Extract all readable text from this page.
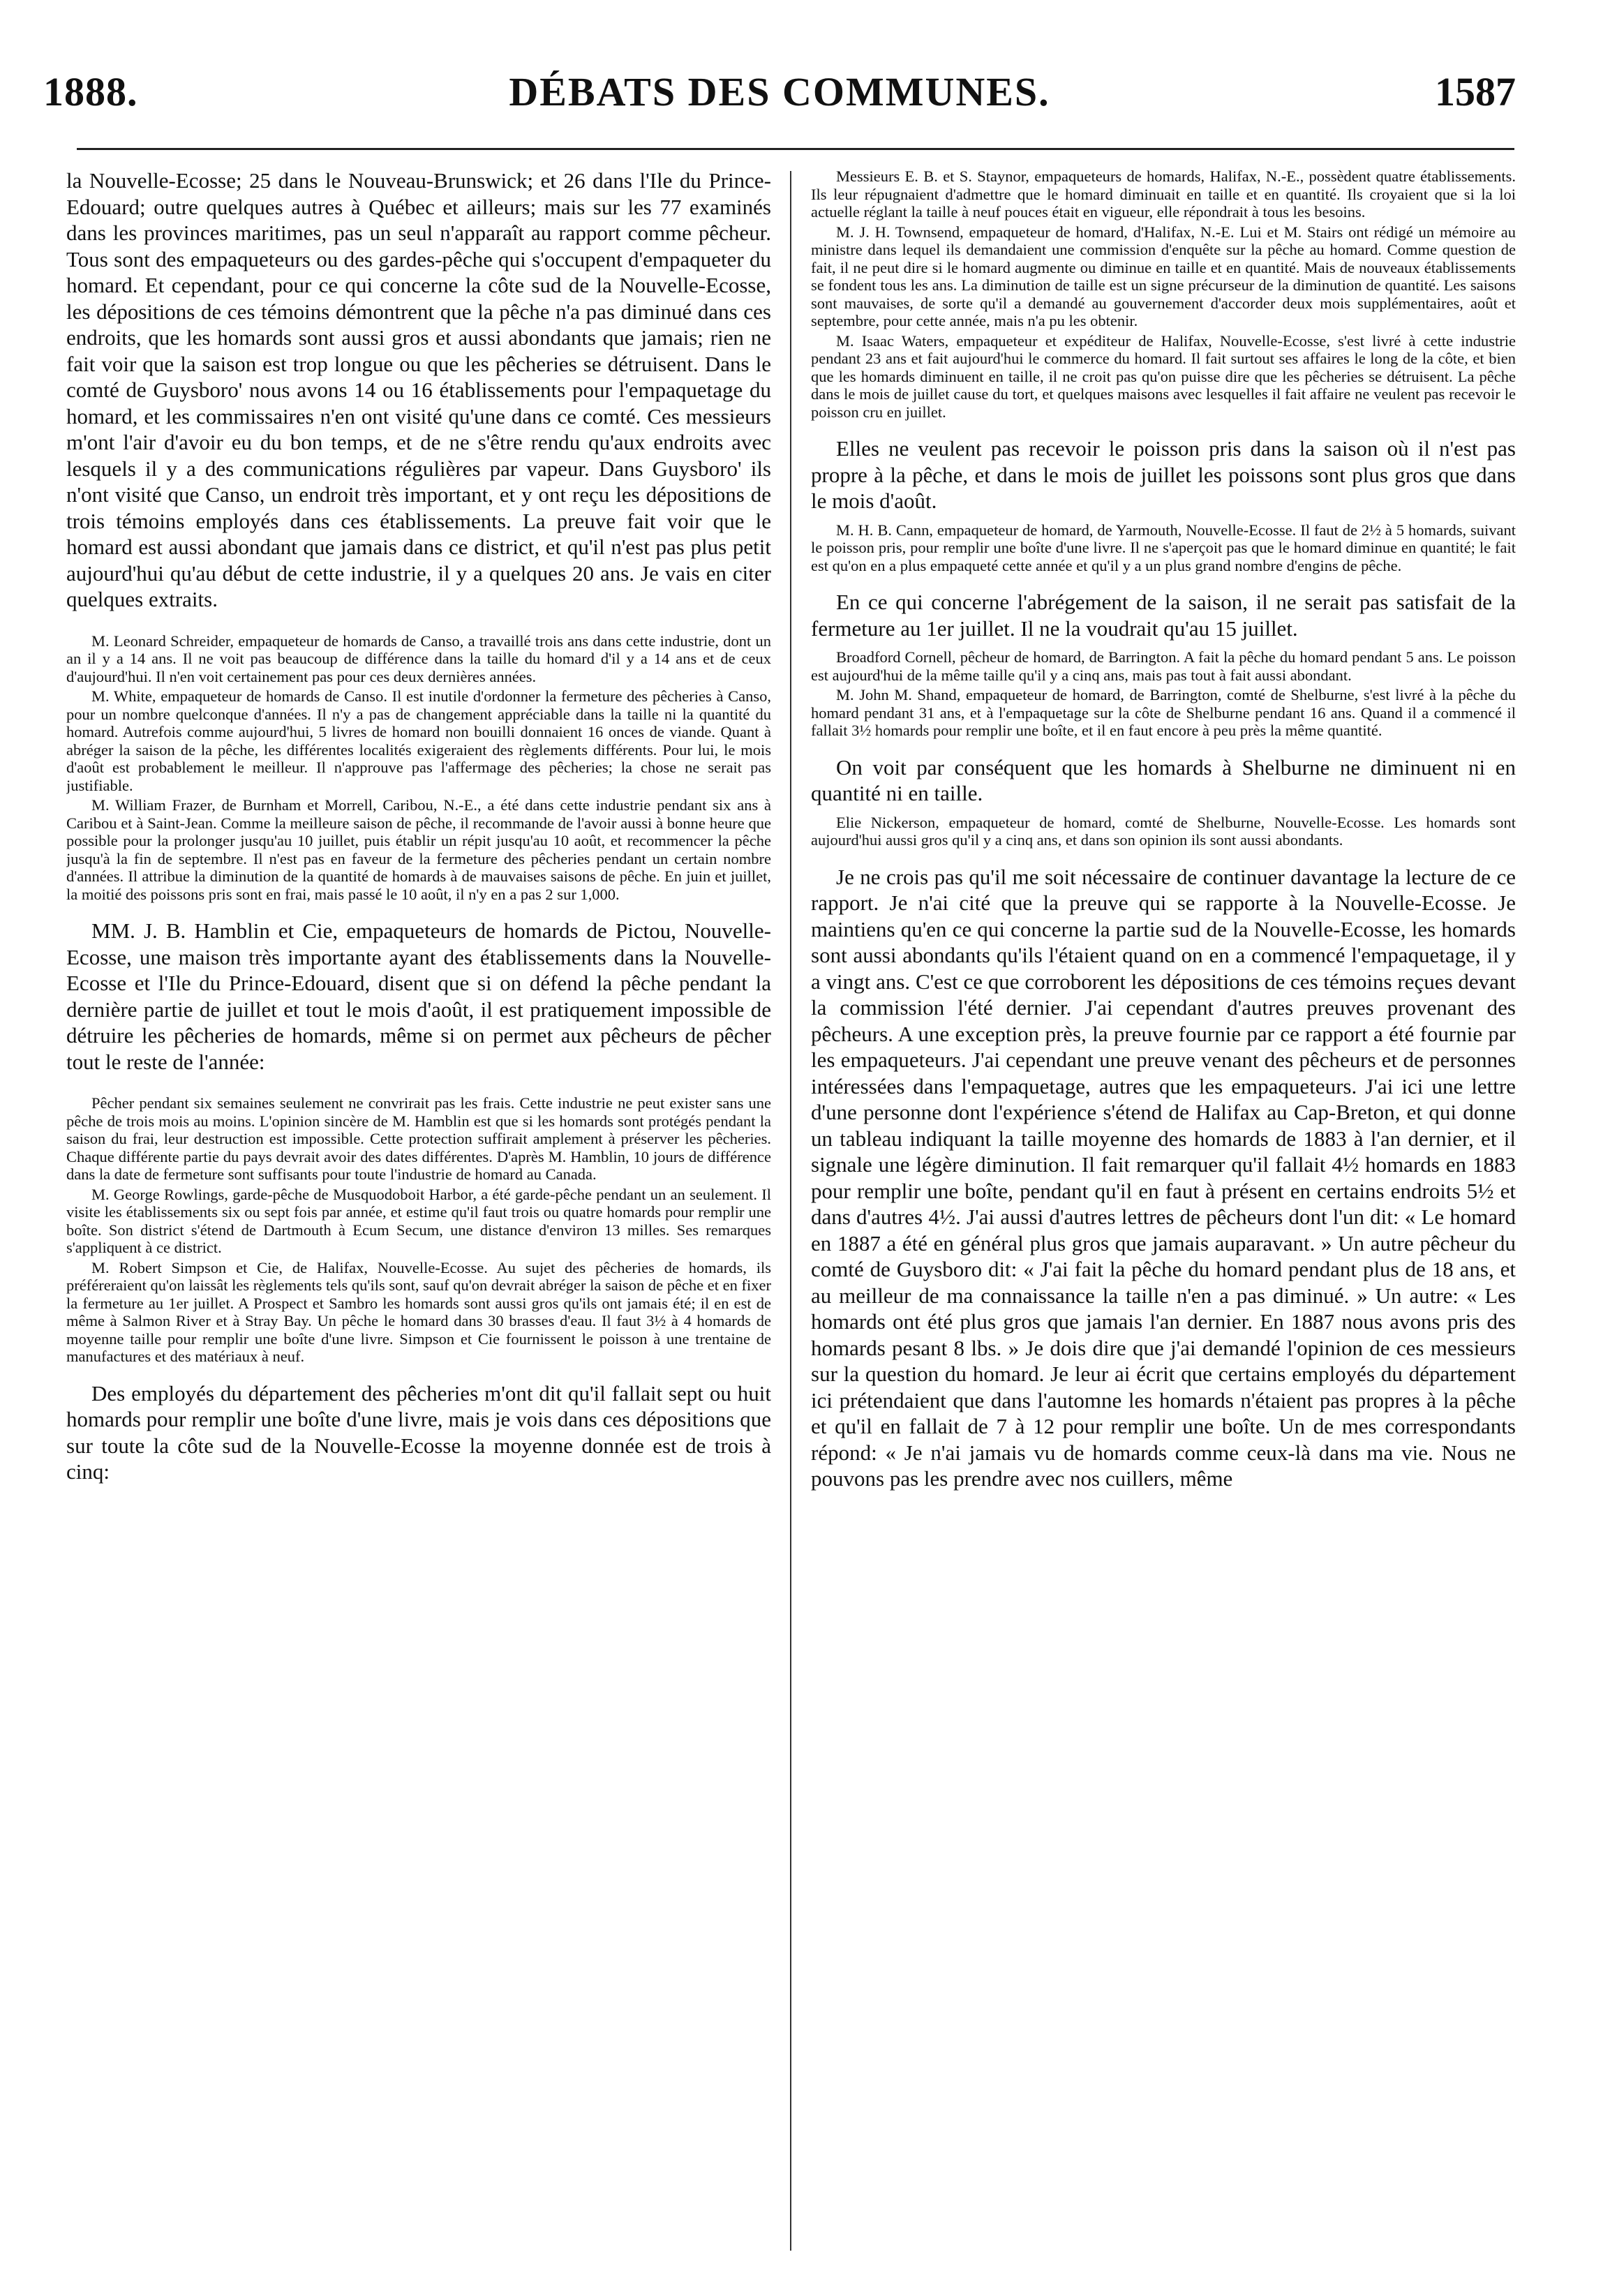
1888.	DÉBATS DES COMMUNES.	1587

la Nouvelle-Ecosse; 25 dans le Nouveau-Brunswick; et 26 dans l'Ile du Prince-Edouard; outre quelques autres à Québec et ailleurs; mais sur les 77 examinés dans les provinces maritimes, pas un seul n'apparaît au rapport comme pêcheur. Tous sont des empaqueteurs ou des gardes-pêche qui s'occupent d'empaqueter du homard. Et cependant, pour ce qui concerne la côte sud de la Nouvelle-Ecosse, les dépositions de ces témoins démontrent que la pêche n'a pas diminué dans ces endroits, que les homards sont aussi gros et aussi abondants que jamais; rien ne fait voir que la saison est trop longue ou que les pêcheries se détruisent. Dans le comté de Guysboro' nous avons 14 ou 16 établissements pour l'empaquetage du homard, et les commissaires n'en ont visité qu'une dans ce comté. Ces messieurs m'ont l'air d'avoir eu du bon temps, et de ne s'être rendu qu'aux endroits avec lesquels il y a des communications régulières par vapeur. Dans Guysboro' ils n'ont visité que Canso, un endroit très important, et y ont reçu les dépositions de trois témoins employés dans ces établissements. La preuve fait voir que le homard est aussi abondant que jamais dans ce district, et qu'il n'est pas plus petit aujourd'hui qu'au début de cette industrie, il y a quelques 20 ans. Je vais en citer quelques extraits.

M. Leonard Schreider, empaqueteur de homards de Canso, a travaillé trois ans dans cette industrie, dont un an il y a 14 ans. Il ne voit pas beaucoup de différence dans la taille du homard d'il y a 14 ans et de ceux d'aujourd'hui. Il n'en voit certainement pas pour ces deux dernières années.

M. White, empaqueteur de homards de Canso. Il est inutile d'ordonner la fermeture des pêcheries à Canso, pour un nombre quelconque d'années. Il n'y a pas de changement appréciable dans la taille ni la quantité du homard. Autrefois comme aujourd'hui, 5 livres de homard non bouilli donnaient 16 onces de viande. Quant à abréger la saison de la pêche, les différentes localités exigeraient des règlements différents. Pour lui, le mois d'août est probablement le meilleur. Il n'approuve pas l'affermage des pêcheries; la chose ne serait pas justifiable.

M. William Frazer, de Burnham et Morrell, Caribou, N.-E., a été dans cette industrie pendant six ans à Caribou et à Saint-Jean. Comme la meilleure saison de pêche, il recommande de l'avoir aussi à bonne heure que possible pour la prolonger jusqu'au 10 juillet, puis établir un répit jusqu'au 10 août, et recommencer la pêche jusqu'à la fin de septembre. Il n'est pas en faveur de la fermeture des pêcheries pendant un certain nombre d'années. Il attribue la diminution de la quantité de homards à de mauvaises saisons de pêche. En juin et juillet, la moitié des poissons pris sont en frai, mais passé le 10 août, il n'y en a pas 2 sur 1,000.

MM. J. B. Hamblin et Cie, empaqueteurs de homards de Pictou, Nouvelle-Ecosse, une maison très importante ayant des établissements dans la Nouvelle-Ecosse et l'Ile du Prince-Edouard, disent que si on défend la pêche pendant la dernière partie de juillet et tout le mois d'août, il est pratiquement impossible de détruire les pêcheries de homards, même si on permet aux pêcheurs de pêcher tout le reste de l'année:

Pêcher pendant six semaines seulement ne convrirait pas les frais. Cette industrie ne peut exister sans une pêche de trois mois au moins. L'opinion sincère de M. Hamblin est que si les homards sont protégés pendant la saison du frai, leur destruction est impossible. Cette protection suffirait amplement à préserver les pêcheries. Chaque différente partie du pays devrait avoir des dates différentes. D'après M. Hamblin, 10 jours de différence dans la date de fermeture sont suffisants pour toute l'industrie de homard au Canada.

M. George Rowlings, garde-pêche de Musquodoboit Harbor, a été garde-pêche pendant un an seulement. Il visite les établissements six ou sept fois par année, et estime qu'il faut trois ou quatre homards pour remplir une boîte. Son district s'étend de Dartmouth à Ecum Secum, une distance d'environ 13 milles. Ses remarques s'appliquent à ce district.

M. Robert Simpson et Cie, de Halifax, Nouvelle-Ecosse. Au sujet des pêcheries de homards, ils préféreraient qu'on laissât les règlements tels qu'ils sont, sauf qu'on devrait abréger la saison de pêche et en fixer la fermeture au 1er juillet. A Prospect et Sambro les homards sont aussi gros qu'ils ont jamais été; il en est de même à Salmon River et à Stray Bay. Un pêche le homard dans 30 brasses d'eau. Il faut 3½ à 4 homards de moyenne taille pour remplir une boîte d'une livre. Simpson et Cie fournissent le poisson à une trentaine de manufactures et des matériaux à neuf.

Des employés du département des pêcheries m'ont dit qu'il fallait sept ou huit homards pour remplir une boîte d'une livre, mais je vois dans ces dépositions que sur toute la côte sud de la Nouvelle-Ecosse la moyenne donnée est de trois à cinq:

Messieurs E. B. et S. Staynor, empaqueteurs de homards, Halifax, N.-E., possèdent quatre établissements. Ils leur répugnaient d'admettre que le homard diminuait en taille et en quantité. Ils croyaient que si la loi actuelle réglant la taille à neuf pouces était en vigueur, elle répondrait à tous les besoins.

M. J. H. Townsend, empaqueteur de homard, d'Halifax, N.-E. Lui et M. Stairs ont rédigé un mémoire au ministre dans lequel ils demandaient une commission d'enquête sur la pêche au homard. Comme question de fait, il ne peut dire si le homard augmente ou diminue en taille et en quantité. Mais de nouveaux établissements se fondent tous les ans. La diminution de taille est un signe précurseur de la diminution de quantité. Les saisons sont mauvaises, de sorte qu'il a demandé au gouvernement d'accorder deux mois supplémentaires, août et septembre, pour cette année, mais n'a pu les obtenir.

M. Isaac Waters, empaqueteur et expéditeur de Halifax, Nouvelle-Ecosse, s'est livré à cette industrie pendant 23 ans et fait aujourd'hui le commerce du homard. Il fait surtout ses affaires le long de la côte, et bien que les homards diminuent en taille, il ne croit pas qu'on puisse dire que les pêcheries se détruisent. La pêche dans le mois de juillet cause du tort, et quelques maisons avec lesquelles il fait affaire ne veulent pas recevoir le poisson cru en juillet.

Elles ne veulent pas recevoir le poisson pris dans la saison où il n'est pas propre à la pêche, et dans le mois de juillet les poissons sont plus gros que dans le mois d'août.

M. H. B. Cann, empaqueteur de homard, de Yarmouth, Nouvelle-Ecosse. Il faut de 2½ à 5 homards, suivant le poisson pris, pour remplir une boîte d'une livre. Il ne s'aperçoit pas que le homard diminue en quantité; le fait est qu'on en a plus empaqueté cette année et qu'il y a un plus grand nombre d'engins de pêche.

En ce qui concerne l'abrégement de la saison, il ne serait pas satisfait de la fermeture au 1er juillet. Il ne la voudrait qu'au 15 juillet.

Broadford Cornell, pêcheur de homard, de Barrington. A fait la pêche du homard pendant 5 ans. Le poisson est aujourd'hui de la même taille qu'il y a cinq ans, mais pas tout à fait aussi abondant.

M. John M. Shand, empaqueteur de homard, de Barrington, comté de Shelburne, s'est livré à la pêche du homard pendant 31 ans, et à l'empaquetage sur la côte de Shelburne pendant 16 ans. Quand il a commencé il fallait 3½ homards pour remplir une boîte, et il en faut encore à peu près la même quantité.

On voit par conséquent que les homards à Shelburne ne diminuent ni en quantité ni en taille.

Elie Nickerson, empaqueteur de homard, comté de Shelburne, Nouvelle-Ecosse. Les homards sont aujourd'hui aussi gros qu'il y a cinq ans, et dans son opinion ils sont aussi abondants.

Je ne crois pas qu'il me soit nécessaire de continuer davantage la lecture de ce rapport. Je n'ai cité que la preuve qui se rapporte à la Nouvelle-Ecosse. Je maintiens qu'en ce qui concerne la partie sud de la Nouvelle-Ecosse, les homards sont aussi abondants qu'ils l'étaient quand on en a commencé l'empaquetage, il y a vingt ans. C'est ce que corroborent les dépositions de ces témoins reçues devant la commission l'été dernier. J'ai cependant d'autres preuves provenant des pêcheurs. A une exception près, la preuve fournie par ce rapport a été fournie par les empaqueteurs. J'ai cependant une preuve venant des pêcheurs et de personnes intéressées dans l'empaquetage, autres que les empaqueteurs. J'ai ici une lettre d'une personne dont l'expérience s'étend de Halifax au Cap-Breton, et qui donne un tableau indiquant la taille moyenne des homards de 1883 à l'an dernier, et il signale une légère diminution. Il fait remarquer qu'il fallait 4½ homards en 1883 pour remplir une boîte, pendant qu'il en faut à présent en certains endroits 5½ et dans d'autres 4½. J'ai aussi d'autres lettres de pêcheurs dont l'un dit: « Le homard en 1887 a été en général plus gros que jamais auparavant. » Un autre pêcheur du comté de Guysboro dit: « J'ai fait la pêche du homard pendant plus de 18 ans, et au meilleur de ma connaissance la taille n'en a pas diminué. » Un autre: « Les homards ont été plus gros que jamais l'an dernier. En 1887 nous avons pris des homards pesant 8 lbs. » Je dois dire que j'ai demandé l'opinion de ces messieurs sur la question du homard. Je leur ai écrit que certains employés du département ici prétendaient que dans l'automne les homards n'étaient pas propres à la pêche et qu'il en fallait de 7 à 12 pour remplir une boîte. Un de mes correspondants répond: « Je n'ai jamais vu de homards comme ceux-là dans ma vie. Nous ne pouvons pas les prendre avec nos cuillers, même
